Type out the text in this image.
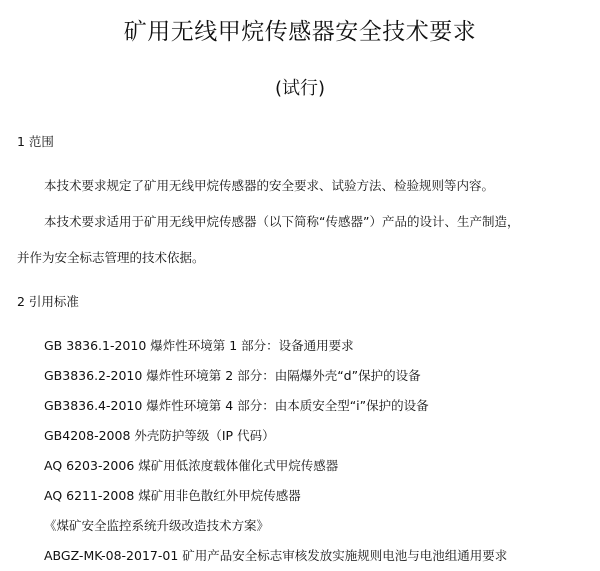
矿用无线甲烷传感器安全技术要求
(试行)
1 范围
本技术要求规定了矿用无线甲烷传感器的安全要求、试验方法、检验规则等内容。
本技术要求适用于矿用无线甲烷传感器（以下简称“传感器”）产品的设计、生产制造，
并作为安全标志管理的技术依据。
2 引用标准
GB 3836.1-2010 爆炸性环境第 1 部分：设备通用要求
GB3836.2-2010 爆炸性环境第 2 部分：由隔爆外壳“d”保护的设备
GB3836.4-2010 爆炸性环境第 4 部分：由本质安全型“i”保护的设备
GB4208-2008 外壳防护等级（IP 代码）
AQ 6203-2006 煤矿用低浓度载体催化式甲烷传感器
AQ 6211-2008 煤矿用非色散红外甲烷传感器
《煤矿安全监控系统升级改造技术方案》
ABGZ-MK-08-2017-01 矿用产品安全标志审核发放实施规则电池与电池组通用要求
